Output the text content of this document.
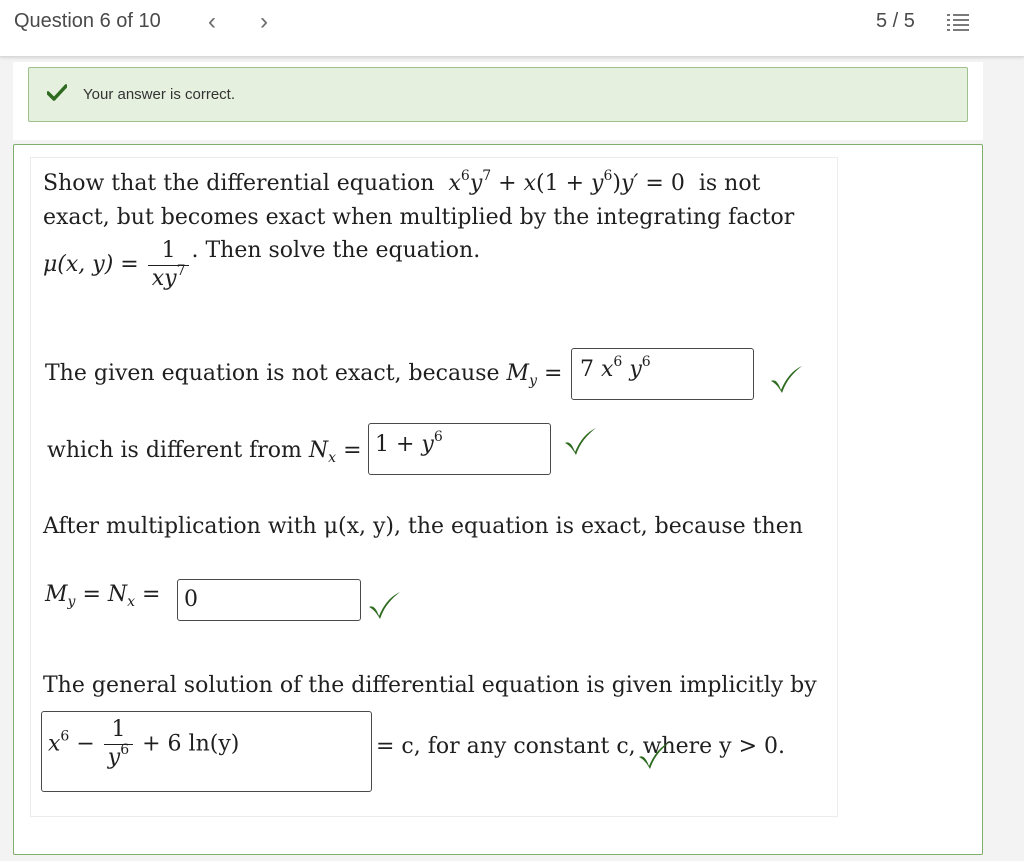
Question 6 of 10	‹	›	5 / 5
Your answer is correct.
Show that the differential equation $x^6y^7 + x(1 + y^6)y' = 0$ is not
exact, but becomes exact when multiplied by the integrating factor
μ(x, $y) = \frac{1}{xy^7}$ . Then solve the equation.
The given equation is not exact, because $M_y = 7$ $x^6$ $y^6$
which is different from $N_x = 1 + y^6$
After multiplication with μ(x, y), the equation is exact, because then
$M_y = N_x = 0$
The general solution of the differential equation is given implicitly by
$x^6 - \frac{1}{y^6} + 6$ ln(y)	= c, for any constant c, where y > 0.
